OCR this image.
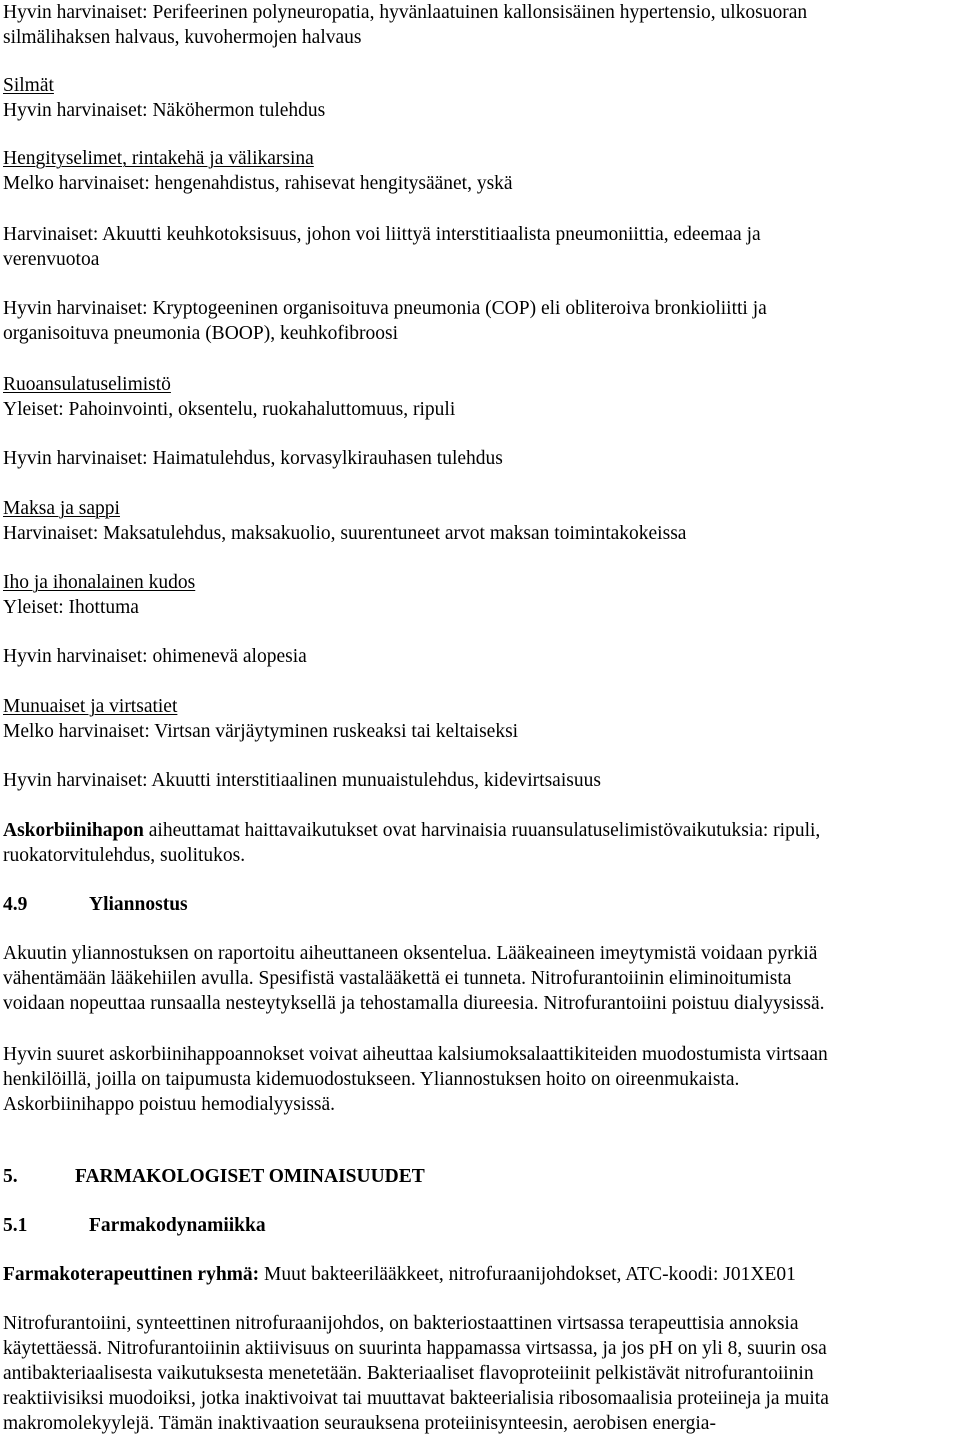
Hyvin harvinaiset: Perifeerinen polyneuropatia, hyvänlaatuinen kallonsisäinen hypertensio, ulkosuoran
silmälihaksen halvaus, kuvohermojen halvaus
Silmät
Hyvin harvinaiset: Näköhermon tulehdus
Hengityselimet, rintakehä ja välikarsina
Melko harvinaiset: hengenahdistus, rahisevat hengitysäänet, yskä
Harvinaiset: Akuutti keuhkotoksisuus, johon voi liittyä interstitiaalista pneumoniittia, edeemaa ja
verenvuotoa
Hyvin harvinaiset: Kryptogeeninen organisoituva pneumonia (COP) eli obliteroiva bronkioliitti ja
organisoituva pneumonia (BOOP), keuhkofibroosi
Ruoansulatuselimistö
Yleiset: Pahoinvointi, oksentelu, ruokahaluttomuus, ripuli
Hyvin harvinaiset: Haimatulehdus, korvasylkirauhasen tulehdus
Maksa ja sappi
Harvinaiset: Maksatulehdus, maksakuolio, suurentuneet arvot maksan toimintakokeissa
Iho ja ihonalainen kudos
Yleiset: Ihottuma
Hyvin harvinaiset: ohimenevä alopesia
Munuaiset ja virtsatiet
Melko harvinaiset: Virtsan värjäytyminen ruskeaksi tai keltaiseksi
Hyvin harvinaiset: Akuutti interstitiaalinen munuaistulehdus, kidevirtsaisuus
Askorbiinihapon aiheuttamat haittavaikutukset ovat harvinaisia ruuansulatuselimistövaikutuksia: ripuli,
ruokatorvitulehdus, suolitukos.
4.9	Yliannostus
Akuutin yliannostuksen on raportoitu aiheuttaneen oksentelua. Lääkeaineen imeytymistä voidaan pyrkiä
vähentämään lääkehiilen avulla. Spesifistä vastalääkettä ei tunneta. Nitrofurantoiinin eliminoitumista
voidaan nopeuttaa runsaalla nesteytyksellä ja tehostamalla diureesia. Nitrofurantoiini poistuu dialyysissä.
Hyvin suuret askorbiinihappoannokset voivat aiheuttaa kalsiumoksalaattikiteiden muodostumista virtsaan
henkilöillä, joilla on taipumusta kidemuodostukseen. Yliannostuksen hoito on oireenmukaista.
Askorbiinihappo poistuu hemodialyysissä.
5.	FARMAKOLOGISET OMINAISUUDET
5.1	Farmakodynamiikka
Farmakoterapeuttinen ryhmä: Muut bakteerilääkkeet, nitrofuraanijohdokset, ATC-koodi: J01XE01
Nitrofurantoiini, synteettinen nitrofuraanijohdos, on bakteriostaattinen virtsassa terapeuttisia annoksia
käytettäessä. Nitrofurantoiinin aktiivisuus on suurinta happamassa virtsassa, ja jos pH on yli 8, suurin osa
antibakteriaalisesta vaikutuksesta menetetään. Bakteriaaliset flavoproteiinit pelkistävät nitrofurantoiinin
reaktiivisiksi muodoiksi, jotka inaktivoivat tai muuttavat bakteerialisia ribosomaalisia proteiineja ja muita
makromolekyylejä. Tämän inaktivaation seurauksena proteiinisynteesin, aerobisen energia-
